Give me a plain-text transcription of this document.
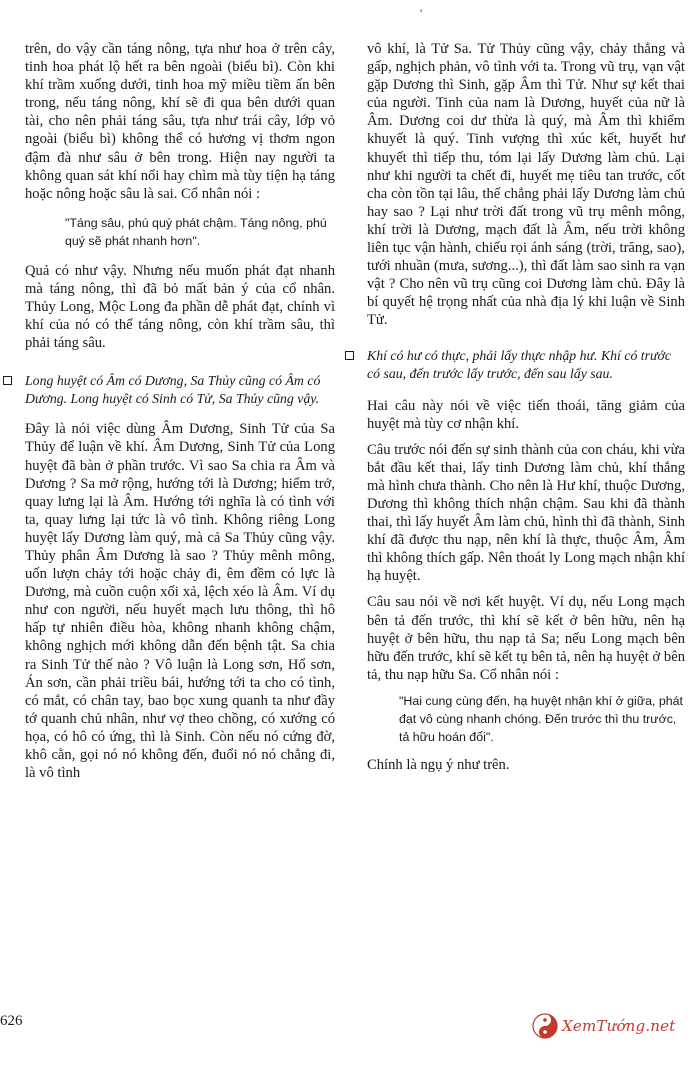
'

trên, do vậy cần táng nông, tựa như hoa ở trên cây, tinh hoa phát lộ hết ra bên ngoài (biểu bì). Còn khi khí trầm xuống dưới, tinh hoa mỹ miều tiềm ẩn bên trong, nếu táng nông, khí sẽ đi qua bên dưới quan tài, cho nên phải táng sâu, tựa như trái cây, lớp vỏ ngoài (biểu bì) không thể có hương vị thơm ngon đậm đà như sâu ở bên trong. Hiện nay người ta không quan sát khí nổi hay chìm mà tùy tiện hạ táng hoặc nông hoặc sâu là sai. Cổ nhân nói :

"Táng sâu, phú quý phát chậm. Táng nông, phú quý sẽ phát nhanh hơn".

Quả có như vậy. Nhưng nếu muốn phát đạt nhanh mà táng nông, thì đã bỏ mất bản ý của cổ nhân. Thủy Long, Mộc Long đa phần dễ phát đạt, chính vì khí của nó có thể táng nông, còn khí trầm sâu, thì phải táng sâu.

Long huyệt có Âm có Dương, Sa Thủy cũng có Âm có Dương. Long huyệt có Sinh có Tử, Sa Thủy cũng vậy.

Đây là nói việc dùng Âm Dương, Sinh Tử của Sa Thủy để luận về khí. Âm Dương, Sinh Tử của Long huyệt đã bàn ở phần trước. Vì sao Sa chia ra Âm và Dương ? Sa mở rộng, hướng tới là Dương; hiểm trở, quay lưng lại là Âm. Hướng tới nghĩa là có tình với ta, quay lưng lại tức là vô tình. Không riêng Long huyệt lấy Dương làm quý, mà cả Sa Thủy cũng vậy. Thủy phân Âm Dương là sao ? Thủy mênh mông, uốn lượn chảy tới hoặc chảy đi, êm đềm có lực là Dương, mà cuồn cuộn xối xả, lệch xéo là Âm. Ví dụ như con người, nếu huyết mạch lưu thông, thì hô hấp tự nhiên điều hòa, không nhanh không chậm, không nghịch mới không dẫn đến bệnh tật. Sa chia ra Sinh Tử thế nào ? Vô luận là Long sơn, Hổ sơn, Án sơn, cần phải triều bái, hướng tới ta cho có tình, có mắt, có chân tay, bao bọc xung quanh ta như đầy tớ quanh chủ nhân, như vợ theo chồng, có xướng có họa, có hô có ứng, thì là Sinh. Còn nếu nó cứng đờ, khô cằn, gọi nó nó không đến, đuổi nó nó chẳng đi, là vô tình

vô khí, là Tử Sa. Tử Thủy cũng vậy, chảy thẳng và gấp, nghịch phản, vô tình với ta. Trong vũ trụ, vạn vật gặp Dương thì Sinh, gặp Âm thì Tử. Như sự kết thai của người. Tinh của nam là Dương, huyết của nữ là Âm. Dương coi dư thừa là quý, mà Âm thì khiếm khuyết là quý. Tinh vượng thì xúc kết, huyết hư khuyết thì tiếp thu, tóm lại lấy Dương làm chủ. Lại như khi người ta chết đi, huyết mẹ tiêu tan trước, cốt cha còn tồn tại lâu, thế chẳng phải lấy Dương làm chủ hay sao ? Lại như trời đất trong vũ trụ mênh mông, khí trời là Dương, mạch đất là Âm, nếu trời không liên tục vận hành, chiếu rọi ánh sáng (trời, trăng, sao), tưới nhuần (mưa, sương...), thì đất làm sao sinh ra vạn vật ? Cho nên vũ trụ cũng coi Dương làm chủ. Đây là bí quyết hệ trọng nhất của nhà địa lý khi luận về Sinh Tử.

Khí có hư có thực, phải lấy thực nhập hư. Khí có trước có sau, đến trước lấy trước, đến sau lấy sau.

Hai câu này nói về việc tiến thoái, tăng giảm của huyệt mà tùy cơ nhận khí.

Câu trước nói đến sự sinh thành của con cháu, khi vừa bắt đầu kết thai, lấy tinh Dương làm chủ, khí thắng mà hình chưa thành. Cho nên là Hư khí, thuộc Dương, Dương thì không thích nhận chậm. Sau khi đã thành thai, thì lấy huyết Âm làm chủ, hình thì đã thành, Sinh khí đã được thu nạp, nên khí là thực, thuộc Âm, Âm thì không thích gấp. Nên thoát ly Long mạch nhận khí hạ huyệt.

Câu sau nói về nơi kết huyệt. Ví dụ, nếu Long mạch bên tả đến trước, thì khí sẽ kết ở bên hữu, nên hạ huyệt ở bên hữu, thu nạp tả Sa; nếu Long mạch bên hữu đến trước, khí sẽ kết tụ bên tả, nên hạ huyệt ở bên tả, thu nạp hữu Sa. Cổ nhân nói :

"Hai cung cùng đến, hạ huyệt nhận khí ở giữa, phát đạt vô cùng nhanh chóng. Đến trước thì thu trước, tả hữu hoán đổi".

Chính là ngụ ý như trên.

626	XemTướng.net
